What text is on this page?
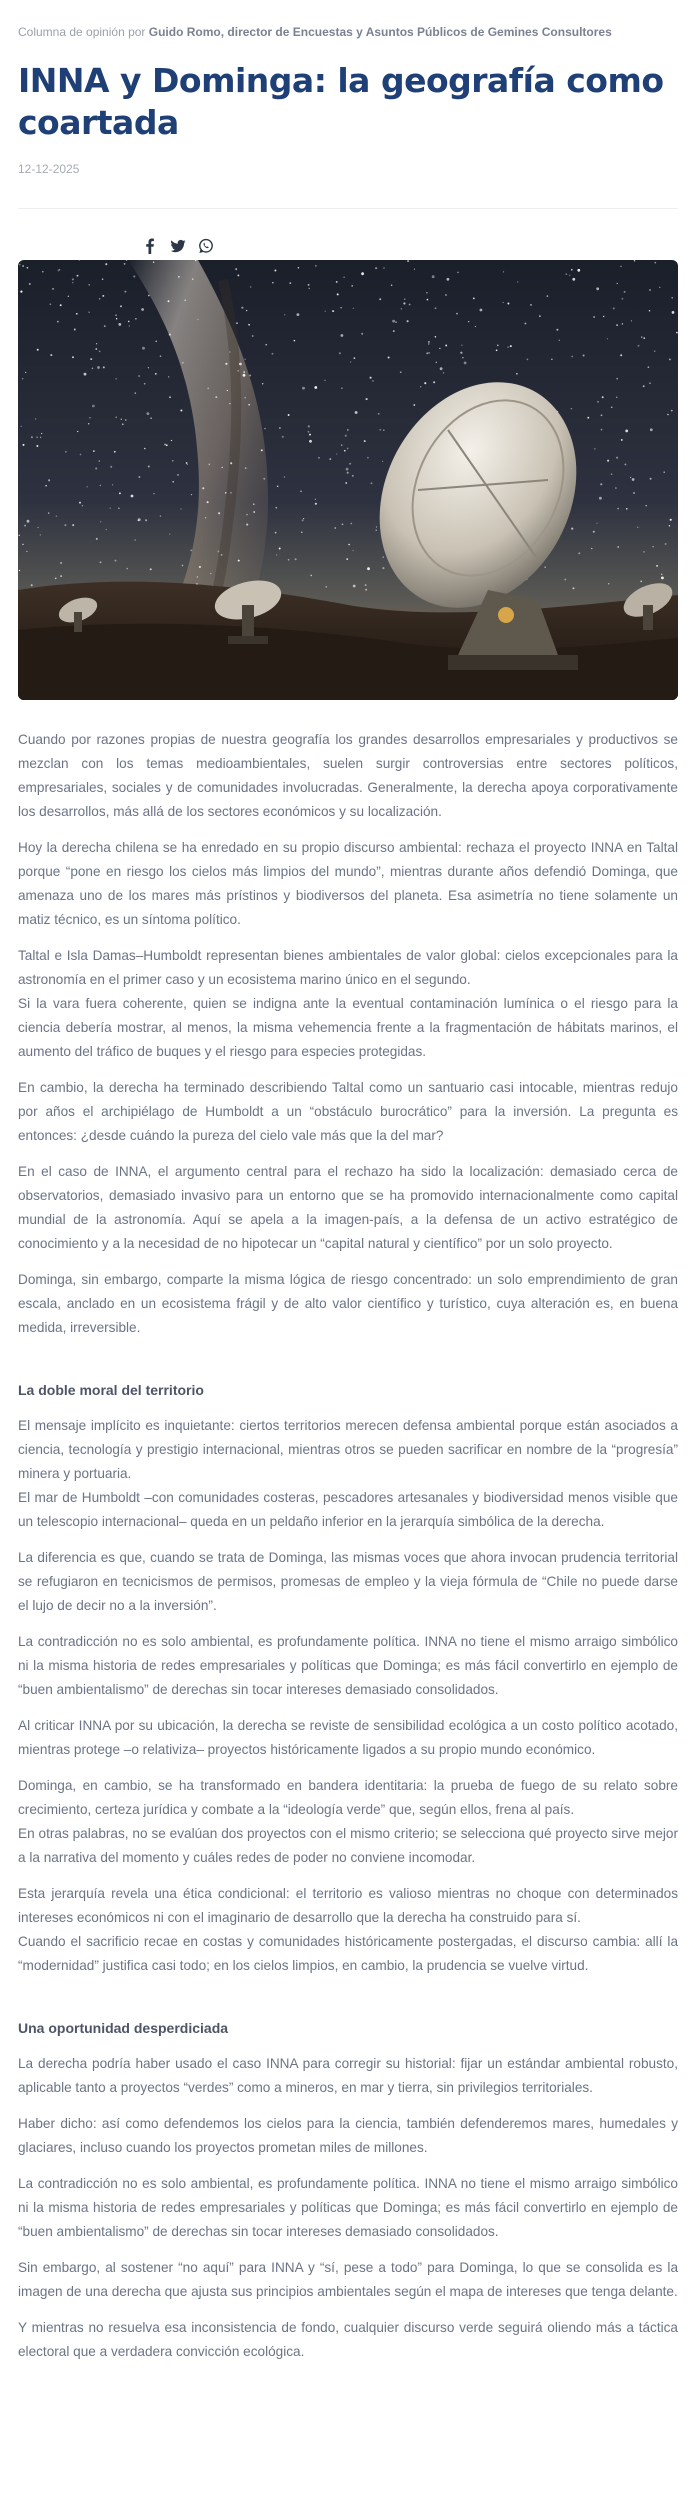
Columna de opinión por Guido Romo, director de Encuestas y Asuntos Públicos de Gemines Consultores
INNA y Dominga: la geografía como coartada
12-12-2025

Cuando por razones propias de nuestra geografía los grandes desarrollos empresariales y productivos se mezclan con los temas medioambientales, suelen surgir controversias entre sectores políticos, empresariales, sociales y de comunidades involucradas. Generalmente, la derecha apoya corporativamente los desarrollos, más allá de los sectores económicos y su localización.

Hoy la derecha chilena se ha enredado en su propio discurso ambiental: rechaza el proyecto INNA en Taltal porque “pone en riesgo los cielos más limpios del mundo”, mientras durante años defendió Dominga, que amenaza uno de los mares más prístinos y biodiversos del planeta. Esa asimetría no tiene solamente un matiz técnico, es un síntoma político.

Taltal e Isla Damas–Humboldt representan bienes ambientales de valor global: cielos excepcionales para la astronomía en el primer caso y un ecosistema marino único en el segundo.
Si la vara fuera coherente, quien se indigna ante la eventual contaminación lumínica o el riesgo para la ciencia debería mostrar, al menos, la misma vehemencia frente a la fragmentación de hábitats marinos, el aumento del tráfico de buques y el riesgo para especies protegidas.

En cambio, la derecha ha terminado describiendo Taltal como un santuario casi intocable, mientras redujo por años el archipiélago de Humboldt a un “obstáculo burocrático” para la inversión. La pregunta es entonces: ¿desde cuándo la pureza del cielo vale más que la del mar?

En el caso de INNA, el argumento central para el rechazo ha sido la localización: demasiado cerca de observatorios, demasiado invasivo para un entorno que se ha promovido internacionalmente como capital mundial de la astronomía. Aquí se apela a la imagen-país, a la defensa de un activo estratégico de conocimiento y a la necesidad de no hipotecar un “capital natural y científico” por un solo proyecto.

Dominga, sin embargo, comparte la misma lógica de riesgo concentrado: un solo emprendimiento de gran escala, anclado en un ecosistema frágil y de alto valor científico y turístico, cuya alteración es, en buena medida, irreversible.

La doble moral del territorio

El mensaje implícito es inquietante: ciertos territorios merecen defensa ambiental porque están asociados a ciencia, tecnología y prestigio internacional, mientras otros se pueden sacrificar en nombre de la “progresía” minera y portuaria.
El mar de Humboldt –con comunidades costeras, pescadores artesanales y biodiversidad menos visible que un telescopio internacional– queda en un peldaño inferior en la jerarquía simbólica de la derecha.

La diferencia es que, cuando se trata de Dominga, las mismas voces que ahora invocan prudencia territorial se refugiaron en tecnicismos de permisos, promesas de empleo y la vieja fórmula de “Chile no puede darse el lujo de decir no a la inversión”.

La contradicción no es solo ambiental, es profundamente política. INNA no tiene el mismo arraigo simbólico ni la misma historia de redes empresariales y políticas que Dominga; es más fácil convertirlo en ejemplo de “buen ambientalismo” de derechas sin tocar intereses demasiado consolidados.

Al criticar INNA por su ubicación, la derecha se reviste de sensibilidad ecológica a un costo político acotado, mientras protege –o relativiza– proyectos históricamente ligados a su propio mundo económico.

Dominga, en cambio, se ha transformado en bandera identitaria: la prueba de fuego de su relato sobre crecimiento, certeza jurídica y combate a la “ideología verde” que, según ellos, frena al país.
En otras palabras, no se evalúan dos proyectos con el mismo criterio; se selecciona qué proyecto sirve mejor a la narrativa del momento y cuáles redes de poder no conviene incomodar.

Esta jerarquía revela una ética condicional: el territorio es valioso mientras no choque con determinados intereses económicos ni con el imaginario de desarrollo que la derecha ha construido para sí.
Cuando el sacrificio recae en costas y comunidades históricamente postergadas, el discurso cambia: allí la “modernidad” justifica casi todo; en los cielos limpios, en cambio, la prudencia se vuelve virtud.

Una oportunidad desperdiciada

La derecha podría haber usado el caso INNA para corregir su historial: fijar un estándar ambiental robusto, aplicable tanto a proyectos “verdes” como a mineros, en mar y tierra, sin privilegios territoriales.

Haber dicho: así como defendemos los cielos para la ciencia, también defenderemos mares, humedales y glaciares, incluso cuando los proyectos prometan miles de millones.

La contradicción no es solo ambiental, es profundamente política. INNA no tiene el mismo arraigo simbólico ni la misma historia de redes empresariales y políticas que Dominga; es más fácil convertirlo en ejemplo de “buen ambientalismo” de derechas sin tocar intereses demasiado consolidados.

Sin embargo, al sostener “no aquí” para INNA y “sí, pese a todo” para Dominga, lo que se consolida es la imagen de una derecha que ajusta sus principios ambientales según el mapa de intereses que tenga delante.

Y mientras no resuelva esa inconsistencia de fondo, cualquier discurso verde seguirá oliendo más a táctica electoral que a verdadera convicción ecológica.
